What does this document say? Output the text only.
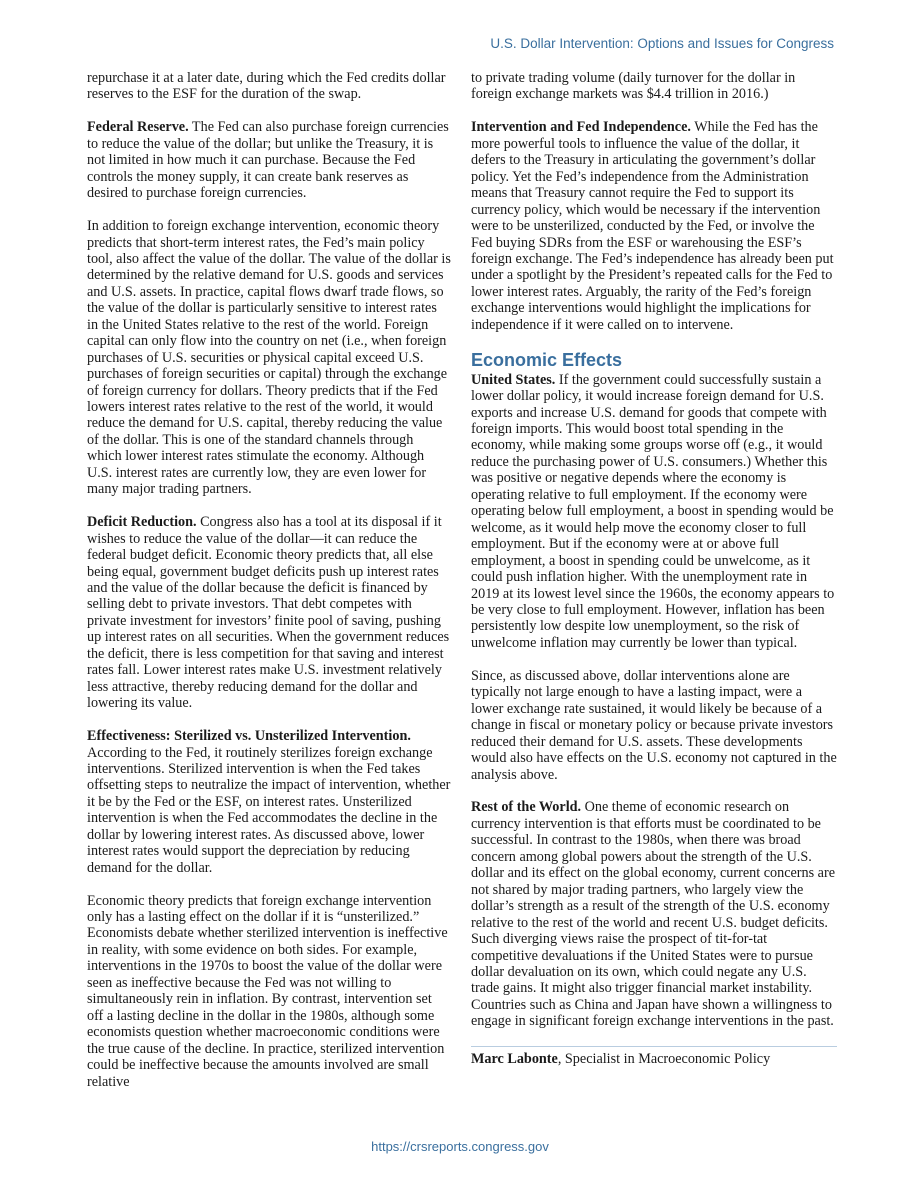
U.S. Dollar Intervention: Options and Issues for Congress

repurchase it at a later date, during which the Fed credits dollar reserves to the ESF for the duration of the swap.

Federal Reserve. The Fed can also purchase foreign currencies to reduce the value of the dollar; but unlike the Treasury, it is not limited in how much it can purchase. Because the Fed controls the money supply, it can create bank reserves as desired to purchase foreign currencies.

In addition to foreign exchange intervention, economic theory predicts that short-term interest rates, the Fed’s main policy tool, also affect the value of the dollar. The value of the dollar is determined by the relative demand for U.S. goods and services and U.S. assets. In practice, capital flows dwarf trade flows, so the value of the dollar is particularly sensitive to interest rates in the United States relative to the rest of the world. Foreign capital can only flow into the country on net (i.e., when foreign purchases of U.S. securities or physical capital exceed U.S. purchases of foreign securities or capital) through the exchange of foreign currency for dollars. Theory predicts that if the Fed lowers interest rates relative to the rest of the world, it would reduce the demand for U.S. capital, thereby reducing the value of the dollar. This is one of the standard channels through which lower interest rates stimulate the economy. Although U.S. interest rates are currently low, they are even lower for many major trading partners.

Deficit Reduction. Congress also has a tool at its disposal if it wishes to reduce the value of the dollar—it can reduce the federal budget deficit. Economic theory predicts that, all else being equal, government budget deficits push up interest rates and the value of the dollar because the deficit is financed by selling debt to private investors. That debt competes with private investment for investors’ finite pool of saving, pushing up interest rates on all securities. When the government reduces the deficit, there is less competition for that saving and interest rates fall. Lower interest rates make U.S. investment relatively less attractive, thereby reducing demand for the dollar and lowering its value.

Effectiveness: Sterilized vs. Unsterilized Intervention. According to the Fed, it routinely sterilizes foreign exchange interventions. Sterilized intervention is when the Fed takes offsetting steps to neutralize the impact of intervention, whether it be by the Fed or the ESF, on interest rates. Unsterilized intervention is when the Fed accommodates the decline in the dollar by lowering interest rates. As discussed above, lower interest rates would support the depreciation by reducing demand for the dollar.

Economic theory predicts that foreign exchange intervention only has a lasting effect on the dollar if it is “unsterilized.” Economists debate whether sterilized intervention is ineffective in reality, with some evidence on both sides. For example, interventions in the 1970s to boost the value of the dollar were seen as ineffective because the Fed was not willing to simultaneously rein in inflation. By contrast, intervention set off a lasting decline in the dollar in the 1980s, although some economists question whether macroeconomic conditions were the true cause of the decline. In practice, sterilized intervention could be ineffective because the amounts involved are small relative

to private trading volume (daily turnover for the dollar in foreign exchange markets was $4.4 trillion in 2016.)

Intervention and Fed Independence. While the Fed has the more powerful tools to influence the value of the dollar, it defers to the Treasury in articulating the government’s dollar policy. Yet the Fed’s independence from the Administration means that Treasury cannot require the Fed to support its currency policy, which would be necessary if the intervention were to be unsterilized, conducted by the Fed, or involve the Fed buying SDRs from the ESF or warehousing the ESF’s foreign exchange. The Fed’s independence has already been put under a spotlight by the President’s repeated calls for the Fed to lower interest rates. Arguably, the rarity of the Fed’s foreign exchange interventions would highlight the implications for independence if it were called on to intervene.

Economic Effects

United States. If the government could successfully sustain a lower dollar policy, it would increase foreign demand for U.S. exports and increase U.S. demand for goods that compete with foreign imports. This would boost total spending in the economy, while making some groups worse off (e.g., it would reduce the purchasing power of U.S. consumers.) Whether this was positive or negative depends where the economy is operating relative to full employment. If the economy were operating below full employment, a boost in spending would be welcome, as it would help move the economy closer to full employment. But if the economy were at or above full employment, a boost in spending could be unwelcome, as it could push inflation higher. With the unemployment rate in 2019 at its lowest level since the 1960s, the economy appears to be very close to full employment. However, inflation has been persistently low despite low unemployment, so the risk of unwelcome inflation may currently be lower than typical.

Since, as discussed above, dollar interventions alone are typically not large enough to have a lasting impact, were a lower exchange rate sustained, it would likely be because of a change in fiscal or monetary policy or because private investors reduced their demand for U.S. assets. These developments would also have effects on the U.S. economy not captured in the analysis above.

Rest of the World. One theme of economic research on currency intervention is that efforts must be coordinated to be successful. In contrast to the 1980s, when there was broad concern among global powers about the strength of the U.S. dollar and its effect on the global economy, current concerns are not shared by major trading partners, who largely view the dollar’s strength as a result of the strength of the U.S. economy relative to the rest of the world and recent U.S. budget deficits. Such diverging views raise the prospect of tit-for-tat competitive devaluations if the United States were to pursue dollar devaluation on its own, which could negate any U.S. trade gains. It might also trigger financial market instability. Countries such as China and Japan have shown a willingness to engage in significant foreign exchange interventions in the past.

Marc Labonte, Specialist in Macroeconomic Policy

https://crsreports.congress.gov
